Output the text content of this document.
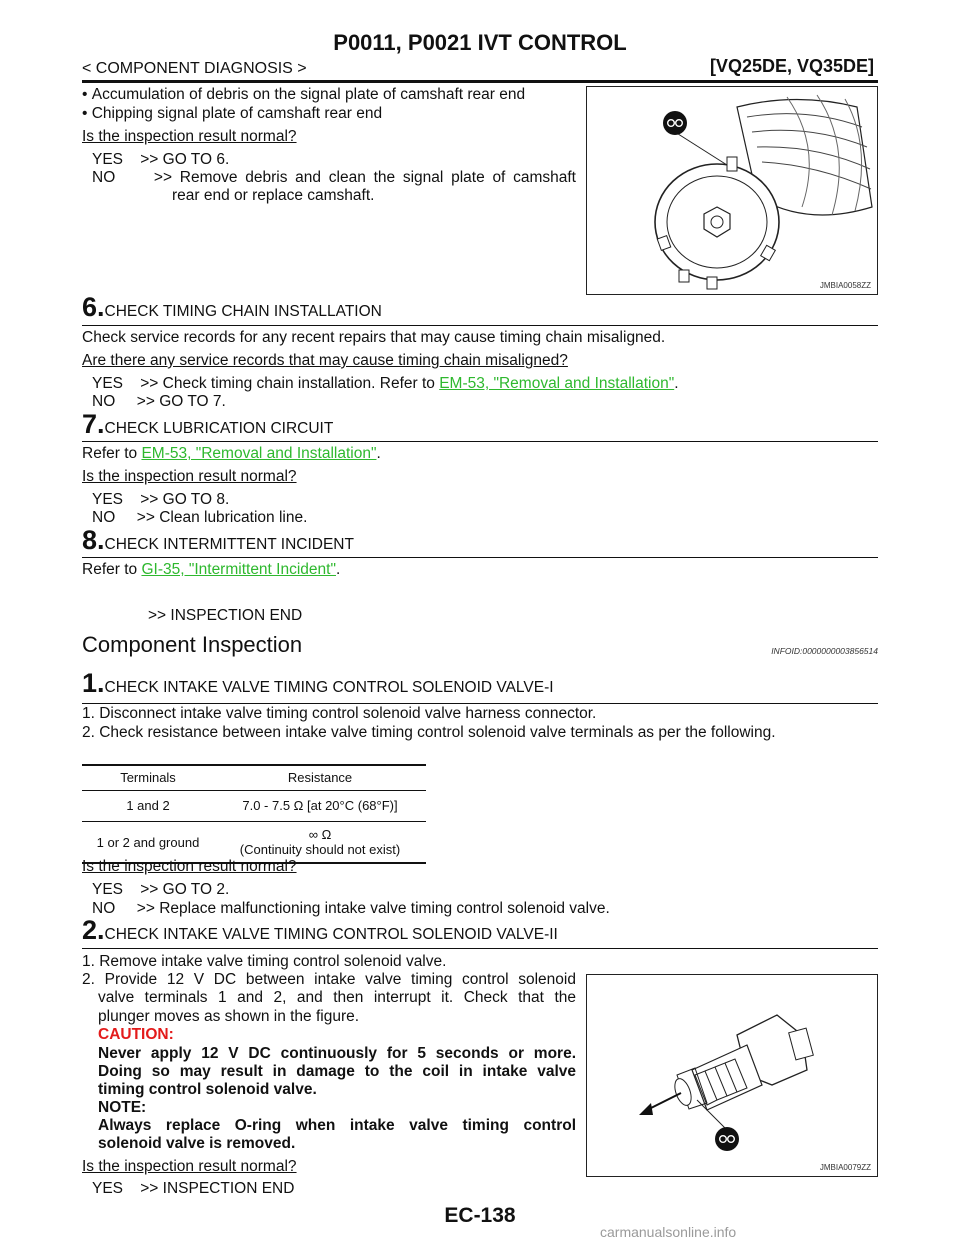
P0011, P0021 IVT CONTROL
< COMPONENT DIAGNOSIS >	[VQ25DE, VQ35DE]
• Accumulation of debris on the signal plate of camshaft rear end
• Chipping signal plate of camshaft rear end
Is the inspection result normal?
YES    >> GO TO 6.
NO     >> Remove debris and clean the signal plate of camshaft
rear end or replace camshaft.
JMBIA0058ZZ
6.CHECK TIMING CHAIN INSTALLATION
Check service records for any recent repairs that may cause timing chain misaligned.
Are there any service records that may cause timing chain misaligned?
YES    >> Check timing chain installation. Refer to EM-53, "Removal and Installation".
NO     >> GO TO 7.
7.CHECK LUBRICATION CIRCUIT
Refer to EM-53, "Removal and Installation".
Is the inspection result normal?
YES    >> GO TO 8.
NO     >> Clean lubrication line.
8.CHECK INTERMITTENT INCIDENT
Refer to GI-35, "Intermittent Incident".
>> INSPECTION END
Component Inspection	INFOID:0000000003856514
1.CHECK INTAKE VALVE TIMING CONTROL SOLENOID VALVE-I
1. Disconnect intake valve timing control solenoid valve harness connector.
2. Check resistance between intake valve timing control solenoid valve terminals as per the following.
Terminals	Resistance

1 and 2	7.0 - 7.5 Ω [at 20°C (68°F)]

1 or 2 and ground	∞ Ω
(Continuity should not exist)
Is the inspection result normal?
YES    >> GO TO 2.
NO     >> Replace malfunctioning intake valve timing control solenoid valve.
2.CHECK INTAKE VALVE TIMING CONTROL SOLENOID VALVE-II
1. Remove intake valve timing control solenoid valve.
2. Provide 12 V DC between intake valve timing control solenoid
valve terminals 1 and 2, and then interrupt it. Check that the
plunger moves as shown in the figure.
CAUTION:
Never apply 12 V DC continuously for 5 seconds or more.
Doing so may result in damage to the coil in intake valve
timing control solenoid valve.
NOTE:
Always replace O-ring when intake valve timing control
solenoid valve is removed.
Is the inspection result normal?
YES    >> INSPECTION END
JMBIA0079ZZ
EC-138
carmanualsonline.info
